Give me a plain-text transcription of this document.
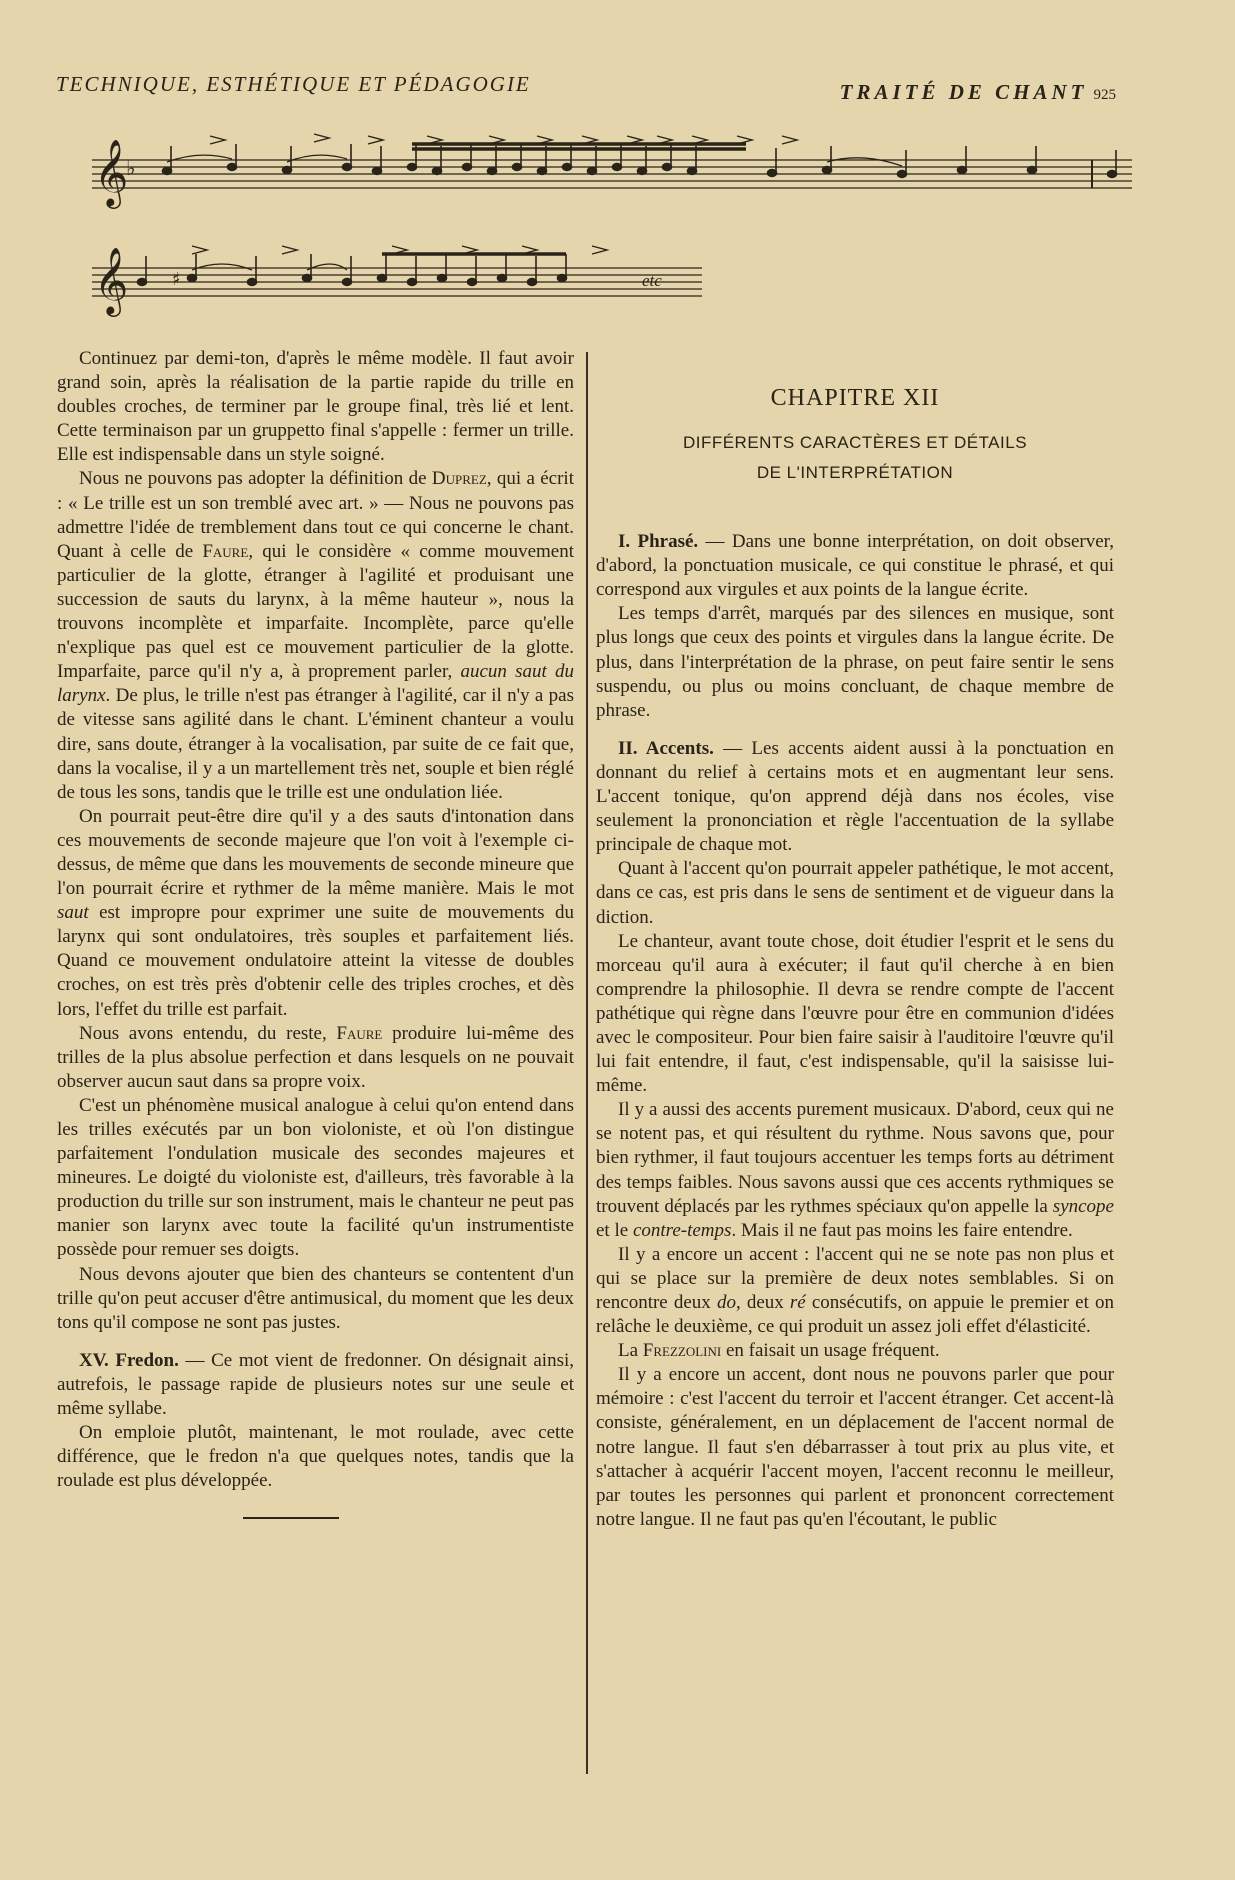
TECHNIQUE, ESTHÉTIQUE ET PÉDAGOGIE	TRAITÉ DE CHANT 925
𝄞
♭
𝄞 ♯	etc

Continuez par demi-ton, d'après le même modèle. Il faut avoir grand soin, après la réalisation de la partie rapide du trille en doubles croches, de terminer par le groupe final, très lié et lent. Cette terminaison par un gruppetto final s'appelle : fermer un trille. Elle est indispensable dans un style soigné.

Nous ne pouvons pas adopter la définition de Duprez, qui a écrit : « Le trille est un son tremblé avec art. » — Nous ne pouvons pas admettre l'idée de tremblement dans tout ce qui concerne le chant. Quant à celle de Faure, qui le considère « comme mouvement particulier de la glotte, étranger à l'agilité et produisant une succession de sauts du larynx, à la même hauteur », nous la trouvons incomplète et imparfaite. Incomplète, parce qu'elle n'explique pas quel est ce mouvement particulier de la glotte. Imparfaite, parce qu'il n'y a, à proprement parler, aucun saut du larynx. De plus, le trille n'est pas étranger à l'agilité, car il n'y a pas de vitesse sans agilité dans le chant. L'éminent chanteur a voulu dire, sans doute, étranger à la vocalisation, par suite de ce fait que, dans la vocalise, il y a un martellement très net, souple et bien réglé de tous les sons, tandis que le trille est une ondulation liée.

On pourrait peut-être dire qu'il y a des sauts d'intonation dans ces mouvements de seconde majeure que l'on voit à l'exemple ci-dessus, de même que dans les mouvements de seconde mineure que l'on pourrait écrire et rythmer de la même manière. Mais le mot saut est impropre pour exprimer une suite de mouvements du larynx qui sont ondulatoires, très souples et parfaitement liés. Quand ce mouvement ondulatoire atteint la vitesse de doubles croches, on est très près d'obtenir celle des triples croches, et dès lors, l'effet du trille est parfait.

Nous avons entendu, du reste, Faure produire lui-même des trilles de la plus absolue perfection et dans lesquels on ne pouvait observer aucun saut dans sa propre voix.

C'est un phénomène musical analogue à celui qu'on entend dans les trilles exécutés par un bon violoniste, et où l'on distingue parfaitement l'ondulation musicale des secondes majeures et mineures. Le doigté du violoniste est, d'ailleurs, très favorable à la production du trille sur son instrument, mais le chanteur ne peut pas manier son larynx avec toute la facilité qu'un instrumentiste possède pour remuer ses doigts.

Nous devons ajouter que bien des chanteurs se contentent d'un trille qu'on peut accuser d'être antimusical, du moment que les deux tons qu'il compose ne sont pas justes.

XV. Fredon. — Ce mot vient de fredonner. On désignait ainsi, autrefois, le passage rapide de plusieurs notes sur une seule et même syllabe.

On emploie plutôt, maintenant, le mot roulade, avec cette différence, que le fredon n'a que quelques notes, tandis que la roulade est plus développée.

CHAPITRE XII
DIFFÉRENTS CARACTÈRES ET DÉTAILS
DE L'INTERPRÉTATION

I. Phrasé. — Dans une bonne interprétation, on doit observer, d'abord, la ponctuation musicale, ce qui constitue le phrasé, et qui correspond aux virgules et aux points de la langue écrite.

Les temps d'arrêt, marqués par des silences en musique, sont plus longs que ceux des points et virgules dans la langue écrite. De plus, dans l'interprétation de la phrase, on peut faire sentir le sens suspendu, ou plus ou moins concluant, de chaque membre de phrase.

II. Accents. — Les accents aident aussi à la ponctuation en donnant du relief à certains mots et en augmentant leur sens. L'accent tonique, qu'on apprend déjà dans nos écoles, vise seulement la prononciation et règle l'accentuation de la syllabe principale de chaque mot.

Quant à l'accent qu'on pourrait appeler pathétique, le mot accent, dans ce cas, est pris dans le sens de sentiment et de vigueur dans la diction.

Le chanteur, avant toute chose, doit étudier l'esprit et le sens du morceau qu'il aura à exécuter; il faut qu'il cherche à en bien comprendre la philosophie. Il devra se rendre compte de l'accent pathétique qui règne dans l'œuvre pour être en communion d'idées avec le compositeur. Pour bien faire saisir à l'auditoire l'œuvre qu'il lui fait entendre, il faut, c'est indispensable, qu'il la saisisse lui-même.

Il y a aussi des accents purement musicaux. D'abord, ceux qui ne se notent pas, et qui résultent du rythme. Nous savons que, pour bien rythmer, il faut toujours accentuer les temps forts au détriment des temps faibles. Nous savons aussi que ces accents rythmiques se trouvent déplacés par les rythmes spéciaux qu'on appelle la syncope et le contre-temps. Mais il ne faut pas moins les faire entendre.

Il y a encore un accent : l'accent qui ne se note pas non plus et qui se place sur la première de deux notes semblables. Si on rencontre deux do, deux ré consécutifs, on appuie le premier et on relâche le deuxième, ce qui produit un assez joli effet d'élasticité.

La Frezzolini en faisait un usage fréquent.

Il y a encore un accent, dont nous ne pouvons parler que pour mémoire : c'est l'accent du terroir et l'accent étranger. Cet accent-là consiste, généralement, en un déplacement de l'accent normal de notre langue. Il faut s'en débarrasser à tout prix au plus vite, et s'attacher à acquérir l'accent moyen, l'accent reconnu le meilleur, par toutes les personnes qui parlent et prononcent correctement notre langue. Il ne faut pas qu'en l'écoutant, le public
